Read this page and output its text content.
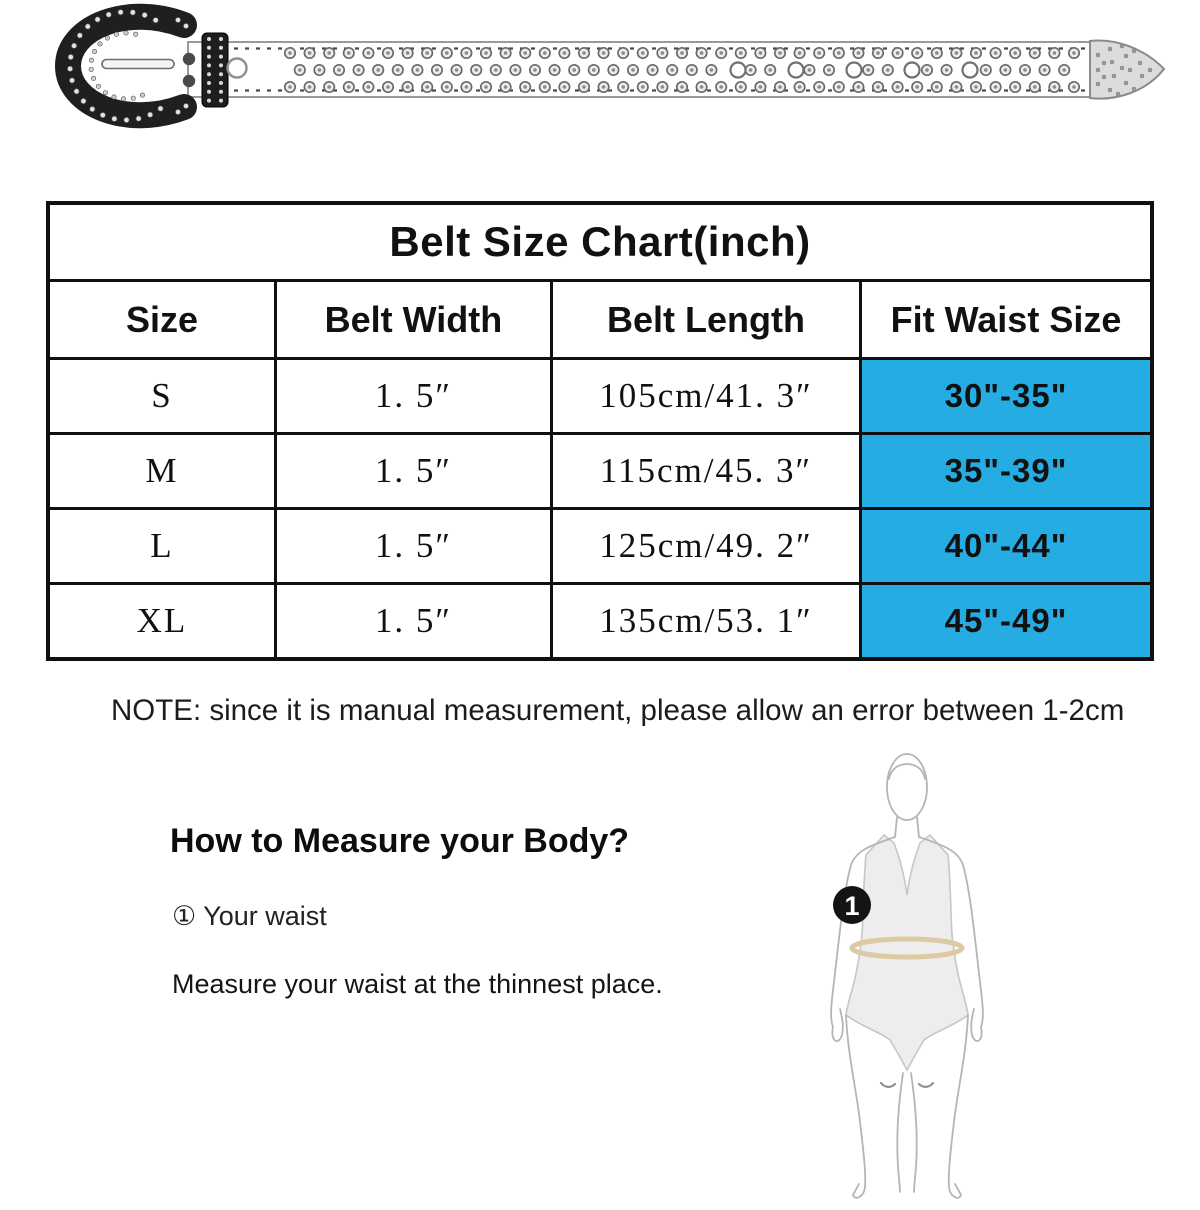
Belt Size Chart(inch)			
Size	Belt Width	Belt Length	Fit Waist Size
S	1. 5″	105cm/41. 3″	30"-35"
M	1. 5″	115cm/45. 3″	35"-39"
L	1. 5″	125cm/49. 2″	40"-44"
XL	1. 5″	135cm/53. 1″	45"-49"
NOTE: since it is manual measurement, please allow an error between 1-2cm
How to Measure your Body?
① Your waist
Measure your waist at the thinnest place.
1
